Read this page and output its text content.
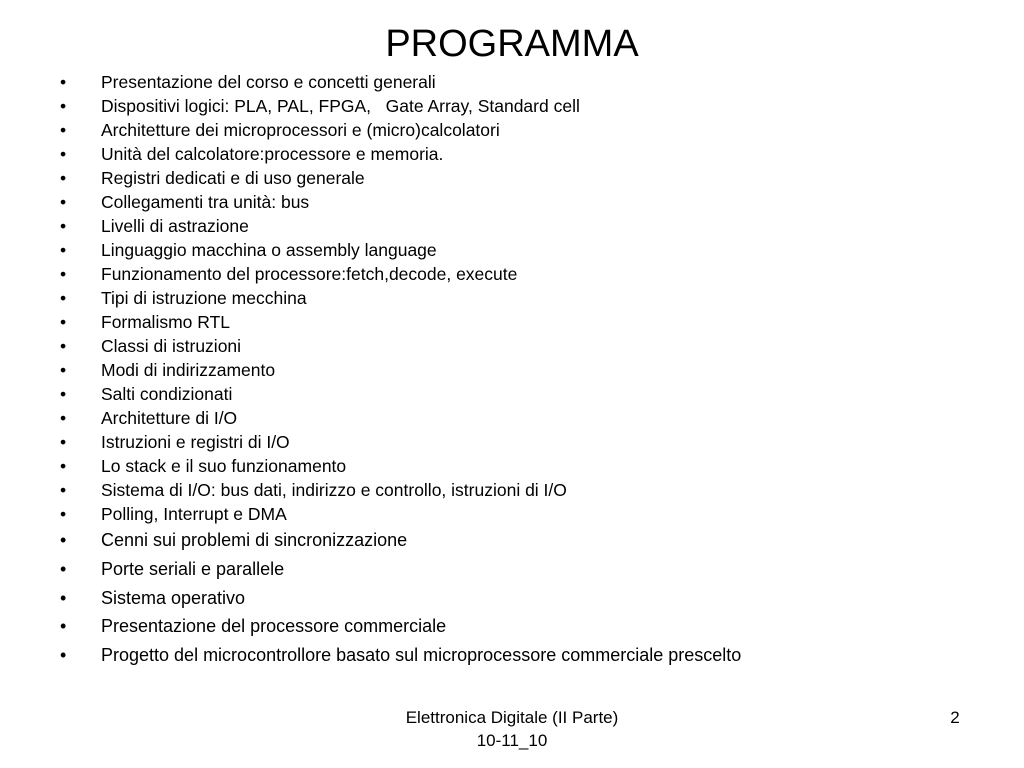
PROGRAMMA
• Presentazione del corso e concetti generali
• Dispositivi logici: PLA, PAL, FPGA,   Gate Array, Standard cell
• Architetture dei microprocessori e (micro)calcolatori
• Unità del calcolatore:processore e memoria.
• Registri dedicati e di uso generale
• Collegamenti tra unità: bus
• Livelli di astrazione
• Linguaggio macchina o assembly language
• Funzionamento del processore:fetch,decode, execute
• Tipi di istruzione mecchina
• Formalismo RTL
• Classi di istruzioni
• Modi di indirizzamento
• Salti condizionati
• Architetture di I/O
• Istruzioni e registri di I/O
• Lo stack e il suo funzionamento
• Sistema di I/O: bus dati, indirizzo e controllo, istruzioni di I/O
• Polling, Interrupt e DMA
• Cenni sui problemi di sincronizzazione
• Porte seriali e parallele
• Sistema operativo
• Presentazione del processore commerciale
• Progetto del microcontrollore basato sul microprocessore commerciale prescelto
Elettronica Digitale (II Parte)
10-11_10
2
